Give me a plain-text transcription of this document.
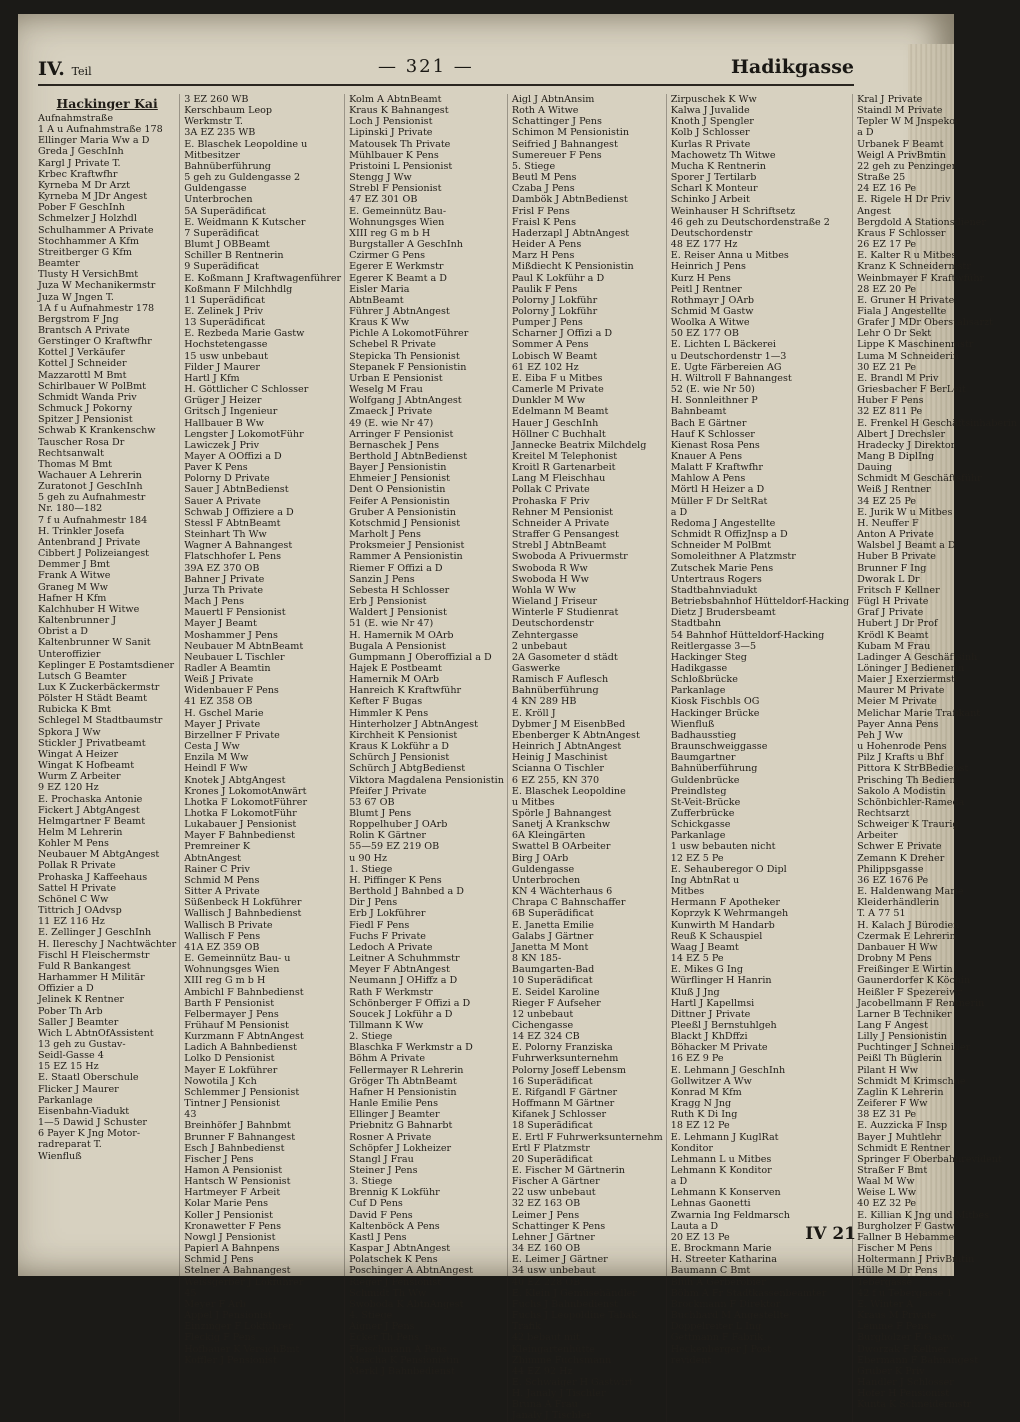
IV. Teil	— 321 —	Hadikgasse
Hackinger Kai
Aufnahmstraße
1 A u Aufnahmstraße 178
Ellinger Maria Ww a D
Greda J GeschInh
Kargl J Private T.
Krbec Kraftwfhr
Kyrneba M Dr Arzt
Kyrneba M JDr Angest
Pober F GeschInh
Schmelzer J Holzhdl
Schulhammer A Private
Stochhammer A Kfm
Streitberger G Kfm
Beamter
Tlusty H VersichBmt
Juza W Mechanikermstr
Juza W Jngen T.
1A f u Aufnahmestr 178
Bergstrom F Jng
Brantsch A Private
Gerstinger O Kraftwfhr
Kottel J Verkäufer
Kottel J Schneider
Mazzarottl M Bmt
Schirlbauer W PolBmt
Schmidt Wanda Priv
Schmuck J Pokorny
Spitzer J Pensionist
Schwab K Krankenschw
Tauscher Rosa Dr
Rechtsanwalt
Thomas M Bmt
Wachauer A Lehrerin
Zuratonot J GeschInh
5 geh zu Aufnahmestr
Nr. 180—182
7 f u Aufnahmestr 184
H. Trinkler Josefa
Antenbrand J Private
Cibbert J Polizeiangest
Demmer J Bmt
Frank A Witwe
Graneg M Ww
Hafner H Kfm
Kalchhuber H Witwe
Kaltenbrunner J
Obrist a D
Kaltenbrunner W Sanit
Unteroffizier
Keplinger E Postamtsdiener
Lutsch G Beamter
Lux K Zuckerbäckermstr
Pölster H Städt Beamt
Rubicka K Bmt
Schlegel M Stadtbaumstr
Spkora J Ww
Stickler J Privatbeamt
Wingat A Heizer
Wingat K Hofbeamt
Wurm Z Arbeiter
9 EZ 120 Hz
E. Prochaska Antonie
Fickert J AbtgAngest
Helmgartner F Beamt
Helm M Lehrerin
Kohler M Pens
Neubauer M AbtgAngest
Pollak R Private
Prohaska J Kaffeehaus
Sattel H Private
Schönel C Ww
Tittrich J OAdvsp
11 EZ 116 Hz
E. Zellinger J GeschInh
H. Ilereschy J Nachtwächter
Fischl H Fleischermstr
Fuld R Bankangest
Harhammer H Militär
Offizier a D
Jelinek K Rentner
Pober Th Arb
Saller J Beamter
Wich L AbtnOfAssistent
13 geh zu Gustav-
Seidl-Gasse 4
15 EZ 15 Hz
E. Staatl Oberschule
Flicker J Maurer
Parkanlage
Eisenbahn-Viadukt
1—5 Dawid J Schuster
6 Payer K Jng Motor-
radreparat T.
Wienfluß
3 EZ 260 WB
Kerschbaum Leop
Werkmstr T.
3A EZ 235 WB
E. Blaschek Leopoldine u
Mitbesitzer
Bahnüberführung
5 geh zu Guldengasse 2
Guldengasse
Unterbrochen
5A Superädificat
E. Weidmann K Kutscher
7 Superädificat
Blumt J OBBeamt
Schiller B Rentnerin
9 Superädificat
E. Koßmann J Kraftwagenführer
Koßmann F Milchhdlg
11 Superädificat
E. Zelinek J Priv
13 Superädificat
E. Rezbeda Marie Gastw
Hochstetengasse
15 usw unbebaut
Filder J Maurer
Hartl J Kfm
H. Göttlicher C Schlosser
Grüger J Heizer
Gritsch J Ingenieur
Hallbauer B Ww
Lengster J LokomotFühr
Lawiczek J Priv
Mayer A OOffizi a D
Paver K Pens
Polorny D Private
Sauer J AbtnBedienst
Sauer A Private
Schwab J Offiziere a D
Stessl F AbtnBeamt
Steinhart Th Ww
Wagner A Bahnangest
Flatschhofer L Pens
39A EZ 370 OB
Bahner J Private
Jurza Th Private
Mach J Pens
Mauertl F Pensionist
Mayer J Beamt
Moshammer J Pens
Neubauer M AbtnBeamt
Neubauer L Tischler
Radler A Beamtin
Weiß J Private
Widenbauer F Pens
41 EZ 358 OB
H. Gschel Marie
Mayer J Private
Birzellner F Private
Cesta J Ww
Enzila M Ww
Heindl F Ww
Knotek J AbtgAngest
Krones J LokomotAnwärt
Lhotka F LokomotFührer
Lhotka F LokomotFühr
Lukabauer J Pensionist
Mayer F Bahnbedienst
Premreiner K
AbtnAngest
Rainer C Priv
Schmid M Pens
Sitter A Private
Süßenbeck H Lokführer
Wallisch J Bahnbedienst
Wallisch B Private
Wallisch F Pens
41A EZ 359 OB
E. Gemeinnütz Bau- u
Wohnungsges Wien
XIII reg G m b H
Ambichl F Bahnbedienst
Barth F Pensionist
Felbermayer J Pens
Frühauf M Pensionist
Kurzmann F AbtnAngest
Ladich A Bahnbedienst
Lolko D Pensionist
Mayer E Lokführer
Nowotila J Kch
Schlemmer J Pensionist
Tintner J Pensionist
43
Breinhöfer J Bahnbmt
Brunner F Bahnangest
Esch J Bahnbedienst
Fischer J Pens
Hamon A Pensionist
Hantsch W Pensionist
Hartmeyer F Arbeit
Kolar Marie Pens
Koller J Pensionist
Kronawetter F Pens
Nowgl J Pensionist
Papierl A Bahnpens
Schmid J Pens
Stelner A Bahnangest
Weissgerber J Lokführer
45
Meyer F Arb
Appel J Pensionist
Einzinger F Lokführer
Fleckig F Pens
Hofbauer K VersichBmt
Koffler J Pensionist
Kolm A AbtnBeamt
Kraus K Bahnangest
Loch J Pensionist
Lipinski J Private
Matousek Th Private
Mühlbauer K Pens
Pristoini L Pensionist
Stengg J Ww
Strebl F Pensionist
47 EZ 301 OB
E. Gemeinnütz Bau-
Wohnungsges Wien
XIII reg G m b H
Burgstaller A GeschInh
Czirmer G Pens
Egerer E Werkmstr
Egerer K Beamt a D
Eisler Maria
AbtnBeamt
Führer J AbtnAngest
Kraus K Ww
Pichle A LokomotFührer
Schebel R Private
Stepicka Th Pensionist
Stepanek F Pensionistin
Urban E Pensionist
Weselg M Frau
Wolfgang J AbtnAngest
Zmaeck J Private
49 (E. wie Nr 47)
Arringer F Pensionist
Bernaschek J Pens
Berthold J AbtnBedienst
Bayer J Pensionistin
Ehmeier J Pensionist
Dent O Pensionistin
Feifer A Pensionistin
Gruber A Pensionistin
Kotschmid J Pensionist
Marholt J Pens
Proksmeier J Pensionist
Rammer A Pensionistin
Riemer F Offizi a D
Sanzin J Pens
Sebesta H Schlosser
Erb J Pensionist
Waldert J Pensionist
51 (E. wie Nr 47)
H. Hamernik M OArb
Bugala A Pensionist
Gumpmann J Oberoffizial a D
Hajek E Postbeamt
Hamernik M OArb
Hanreich K Kraftwführ
Kefter F Bugas
Himmler K Pens
Hinterholzer J AbtnAngest
Kirchheit K Pensionist
Kraus K Lokführ a D
Schürch J Pensionist
Schürch J AbtgBedienst
Viktora Magdalena Pensionistin
Pfeifer J Private
53 67 OB
Blumt J Pens
Roppelhuber J OArb
Rolin K Gärtner
55—59 EZ 219 OB
u 90 Hz
1. Stiege
H. Piffinger K Pens
Berthold J Bahnbed a D
Dir J Pens
Erb J Lokführer
Fiedl F Pens
Fuchs F Private
Ledoch A Private
Leitner A Schuhmmstr
Meyer F AbtnAngest
Neumann J OHiffz a D
Rath F Werkmstr
Schönberger F Offizi a D
Soucek J Lokführ a D
Tillmann K Ww
2. Stiege
Blaschka F Werkmstr a D
Böhm A Private
Fellermayer R Lehrerin
Gröger Th AbtnBeamt
Hafner H Pensionistin
Hanle Emilie Pens
Ellinger J Beamter
Priebnitz G Bahnarbt
Rosner A Private
Schöpfer J Lokheizer
Stangl J Frau
Steiner J Pens
3. Stiege
Brennig K Lokführ
Cuf D Pens
David F Pens
Kaltenböck A Pens
Kastl J Pens
Kaspar J AbtnAngest
Polatschek K Pens
Poschinger A AbtnAngest
Rieger J Pensionist
Schmidt Th Ww
Swoboda K AbtnAngest
4. Stiege
Aigner J Pens
Ecker Th Pens
Fleischmann A Pens
Mascha K Pensionistin
Merkl J Bahnbedienst
Aigl J AbtnAnsim
Roth A Witwe
Schattinger J Pens
Schimon M Pensionistin
Seifried J Bahnangest
Sumereuer F Pens
5. Stiege
Beutl M Pens
Czaba J Pens
Dambök J AbtnBedienst
Frisl F Pens
Fraisl K Pens
Haderzapl J AbtnAngest
Heider A Pens
Marz H Pens
Mißdiecht K Pensionistin
Paul K Lokführ a D
Paulik F Pens
Polorny J Lokführ
Polorny J Lokführ
Pumper J Pens
Scharner J Offizi a D
Sommer A Pens
Lobisch W Beamt
61 EZ 102 Hz
E. Eiba F u Mitbes
Camerle M Private
Dunkler M Ww
Edelmann M Beamt
Hauer J GeschInh
Höllner C Buchhalt
Jannecke Beatrix Milchdelg
Kreitel M Telephonist
Kroitl R Gartenarbeit
Lang M Fleischhau
Pollak C Private
Prohaska F Priv
Rehner M Pensionist
Schneider A Private
Straffer G Pensangest
Strebl J AbtnBeamt
Swoboda A Privuermstr
Swoboda R Ww
Swoboda H Ww
Wohla W Ww
Wieland J Friseur
Winterle F Studienrat
Deutschordenstr
Zehntergasse
2 unbebaut
2A Gasometer d städt
Gaswerke
Ramisch F Auflesch
Bahnüberführung
4 KN 289 HB
E. Kröll J
Dybmer J M EisenbBed
Ebenberger K AbtnAngest
Heinrich J AbtnAngest
Heinig J Maschinist
Scianna O Tischler
6 EZ 255, KN 370
E. Blaschek Leopoldine
u Mitbes
Spörle J Bahnangest
Sanetj A Krankschw
6A Kleingärten
Swattel B OArbeiter
Birg J OArb
Guldengasse
Unterbrochen
KN 4 Wächterhaus 6
Chrapa C Bahnschaffer
6B Superädificat
E. Janetta Emilie
Galabs J Gärtner
Janetta M Mont
8 KN 185-
Baumgarten-Bad
10 Superädificat
E. Seidel Karoline
Rieger F Aufseher
12 unbebaut
Cichengasse
14 EZ 324 CB
E. Polorny Franziska
Fuhrwerksunternehm
Polorny Joseff Lebensm
16 Superädificat
E. Rifgandl F Gärtner
Hoffmann M Gärtner
Kifanek J Schlosser
18 Superädificat
E. Ertl F Fuhrwerksunternehm
Ertl F Platzmstr
20 Superädificat
E. Fischer M Gärtnerin
Fischer A Gärtner
22 usw unbebaut
32 EZ 163 OB
Leimer J Pens
Schattinger K Pens
Lehner J Gärtner
34 EZ 160 OB
E. Leimer J Gärtner
34 usw unbebaut
40 EZ 228 OB
E. Klein J Gemüsehändler
Fuchs J Bahnbedienst
Fuchs J Leopoldine Tabak-
Trafik
42 bebaut mit
Kleingartenhütte
Zhimme Fuchsmann
44 EZ 92 Hz
E. Schwaiger H Gastwirt
H. Janaly J Tischler
Bruna A Frau
Janaly J Tischler
Zirpuschek K Ww
Kalwa J Juvalide
Knoth J Spengler
Kolb J Schlosser
Kurlas R Private
Machowetz Th Witwe
Mucha K Rentnerin
Sporer J Tertilarb
Scharl K Monteur
Schinko J Arbeit
Weinhauser H Schriftsetz
46 geh zu Deutschordenstraße 2
Deutschordenstr
48 EZ 177 Hz
E. Reiser Anna u Mitbes
Heinrich J Pens
Kurz H Pens
Peitl J Rentner
Rothmayr J OArb
Schmid M Gastw
Woolka A Witwe
50 EZ 177 OB
E. Lichten L Bäckerei
u Deutschordenstr 1—3
E. Ugte Färbereien AG
H. Wiltroll F Bahnangest
52 (E. wie Nr 50)
H. Sonnleithner P
Bahnbeamt
Bach E Gärtner
Hauf K Schlosser
Kienast Rosa Pens
Knauer A Pens
Malatt F Kraftwfhr
Mahlow A Pens
Mörtl H Heizer a D
Müller F Dr SeltRat
a D
Redoma J Angestellte
Schmidt R OffizJnsp a D
Schneider M PolBmt
Somoleithner A Platzmstr
Zutschek Marie Pens
Untertraus Rogers
Stadtbahnviadukt
Betriebsbahnhof Hütteldorf-Hacking
Dietz J Brudersbeamt
Stadtbahn
54 Bahnhof Hütteldorf-Hacking
Reitlergasse 3—5
Hackinger Steg
Hadikgasse
Schloßbrücke
Parkanlage
Kiosk Fischbls OG
Hackinger Brücke
Wienfluß
Badhausstieg
Braunschweiggasse
Baumgartner
Bahnüberführung
Guldenbrücke
Preindlsteg
St-Veit-Brücke
Zufferbrücke
Schickgasse
Parkanlage
1 usw bebauten nicht
12 EZ 5 Pe
E. Sehauberegor O Dipl
Ing AbtnRat u
Mitbes
Hermann F Apotheker
Koprzyk K Wehrmangeh
Kunwirth M Handarb
Reuß K Schauspiel
Waag J Beamt
14 EZ 5 Pe
E. Mikes G Ing
Würflinger H Hanrin
Kluß J Jng
Hartl J Kapellmsi
Dittner J Private
Pleeßl J Bernstuhlgeh
Blackt J KhDffzi
Böhacker M Private
16 EZ 9 Pe
E. Lehmann J GeschInh
Gollwitzer A Ww
Konrad M Kfm
Kragg N Jng
Ruth K Di Ing
18 EZ 12 Pe
E. Lehmann J KuglRat
Konditor
Lehmann L u Mitbes
Lehmann K Konditor
a D
Lehmann K Konserven
Lehnas Gaonetti
Zwarnia Ing Feldmarsch
Lauta a D
20 EZ 13 Pe
E. Brockmann Marie
H. Streeter Katharina
Baumann C Bmt
Blüh A Gerberobier
Böhm A Fr Stadtkassenbeamter
Brockmann F Direktor
Buchhard M Angestellte
Doppelreiter L Ing
Gettmann F Fabrik
Heckenberger J Post
revident
Kral J Private
Staindl M Private
Tepler W M Jnspekor
a D
Urbanek F Beamt
Weigl A PrivBmtin
22 geh zu Penzinger
Straße 25
24 EZ 16 Pe
E. Rigele H Dr Priv
Angest
Bergdold A Stationsdiener
Kraus F Schlosser
26 EZ 17 Pe
E. Kalter R u Mitbes
Kranz K Schneidermstr
Weinbmayer F Kraftwführ
28 EZ 20 Pe
E. Gruner H Private
Fiala J Angestellte
Grafer J MDr Oberstabsarzt
Lehr O Dr Sekt
Lippe K Maschinenmstr
Luma M Schneiderin
30 EZ 21 Pe
E. Brandl M Priv
Griesbacher F BerLeit
Huber F Pens
32 EZ 811 Pe
E. Frenkel H Geschäftsinhaberin
Albert J Drechsler
Hradecky J Direktor
Mang B DiplIng
Dauing
Schmidt M Geschäftsführ
Weiß J Rentner
34 EZ 25 Pe
E. Jurik W u Mitbes
H. Neuffer F
Anton A Private
Walsbel J Beamt a D
Huber B Private
Brunner F Ing
Dworak L Dr
Fritsch F Kellner
Fügl H Private
Graf J Private
Hubert J Dr Prof
Krödl K Beamt
Kubam M Frau
Ladinger A Geschäftsinh
Löninger J Bedienerin
Maier J Exerziermstr
Maurer M Private
Meier M Private
Melichar Marie Trafikant
Payer Anna Pens
Peh J Ww
u Hohenrode Pens
Pilz J Krafts u Bhf
Pittora K StrBBedienst
Prisching Th Bedien
Sakolo A Modistin
Schönbichler-Rameda
Rechtsarzt
Schweiger K Traurig
Arbeiter
Schwer E Private
Zemann K Dreher
Philippsgasse
36 EZ 1676 Pe
E. Haldenwang Marie
Kleiderhändlerin
T. A 77 51
H. Kalach J Bürodien
Czermak E Lehrerin
Danbauer H Ww
Drobny M Pens
Freißinger E Wirtin
Gaunerdorfer K Köchin
Heißler F Spezereiwr
Jacobellmann F Rentnerin
Larner B Techniker
Lang F Angest
Lilly J Pensionistin
Puchtinger J Schneider
Peißl Th Büglerin
Pilant H Ww
Schmidt M Krimschue
Zaglin K Lehrerin
Zeiferer F Ww
38 EZ 31 Pe
E. Auzzicka F Insp
Bayer J Muhtlehr
Schmidt E Rentner
Springer F Oberbahnrevident
Straßer F Bmt
Waal M Ww
Weise L Ww
40 EZ 32 Pe
E. Killian K Jng und Mitbes
Burgholzer F Gastw
Fallner B Hebamme
Fischer M Pens
Holtermann J PrivBmtin
Hülle M Dr Pens
Tebergasse
42 f u Tebergasse 1
E. Winter A
Kraus M Private
Lemme F Pens
Burgholzer F Gastw
Dworzak F Kellner
Ebermann F Bahnangest
Gruber K Priv
Handler J Schlosser
Hofer H Pensionist
Kunta K Schneidermstr
IV 21
